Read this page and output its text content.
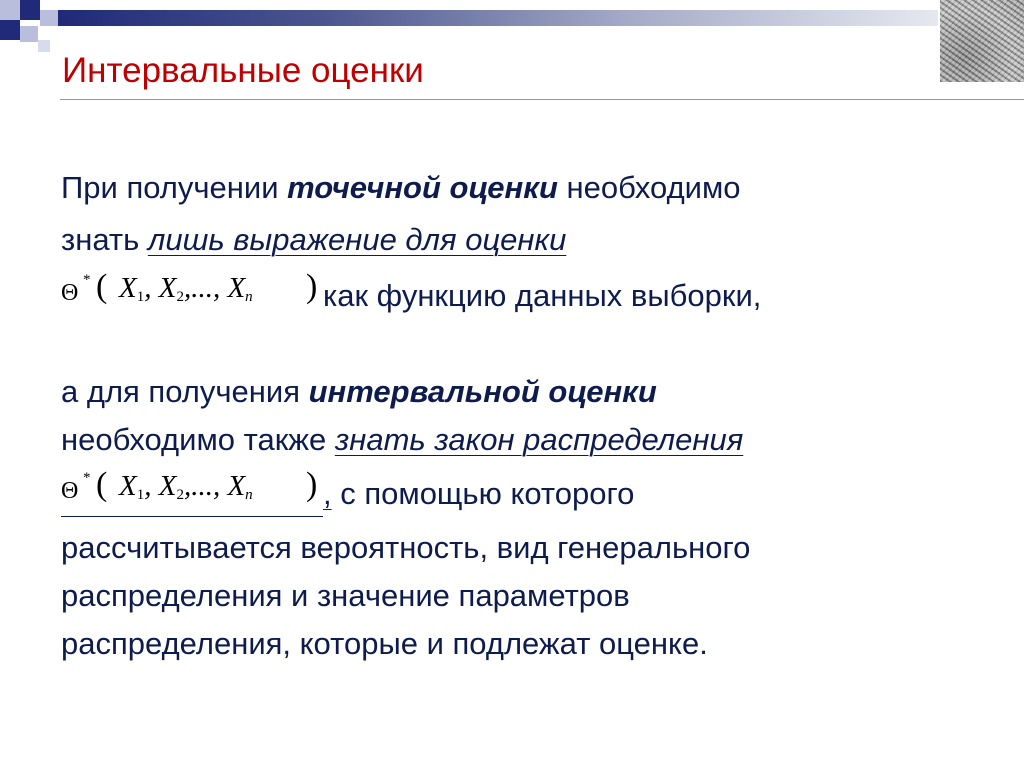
Интервальные оценки
При получении точечной оценки необходимо
знать лишь выражение для оценки
Θ * ( $X_1$, $X_2$,..., $X_n$ ) как функцию данных выборки,
а для получения интервальной оценки
необходимо также знать закон распределения
Θ * ( $X_1$, $X_2$,..., $X_n$ ) , с помощью которого
рассчитывается вероятность, вид генерального
распределения и значение параметров
распределения, которые и подлежат оценке.
